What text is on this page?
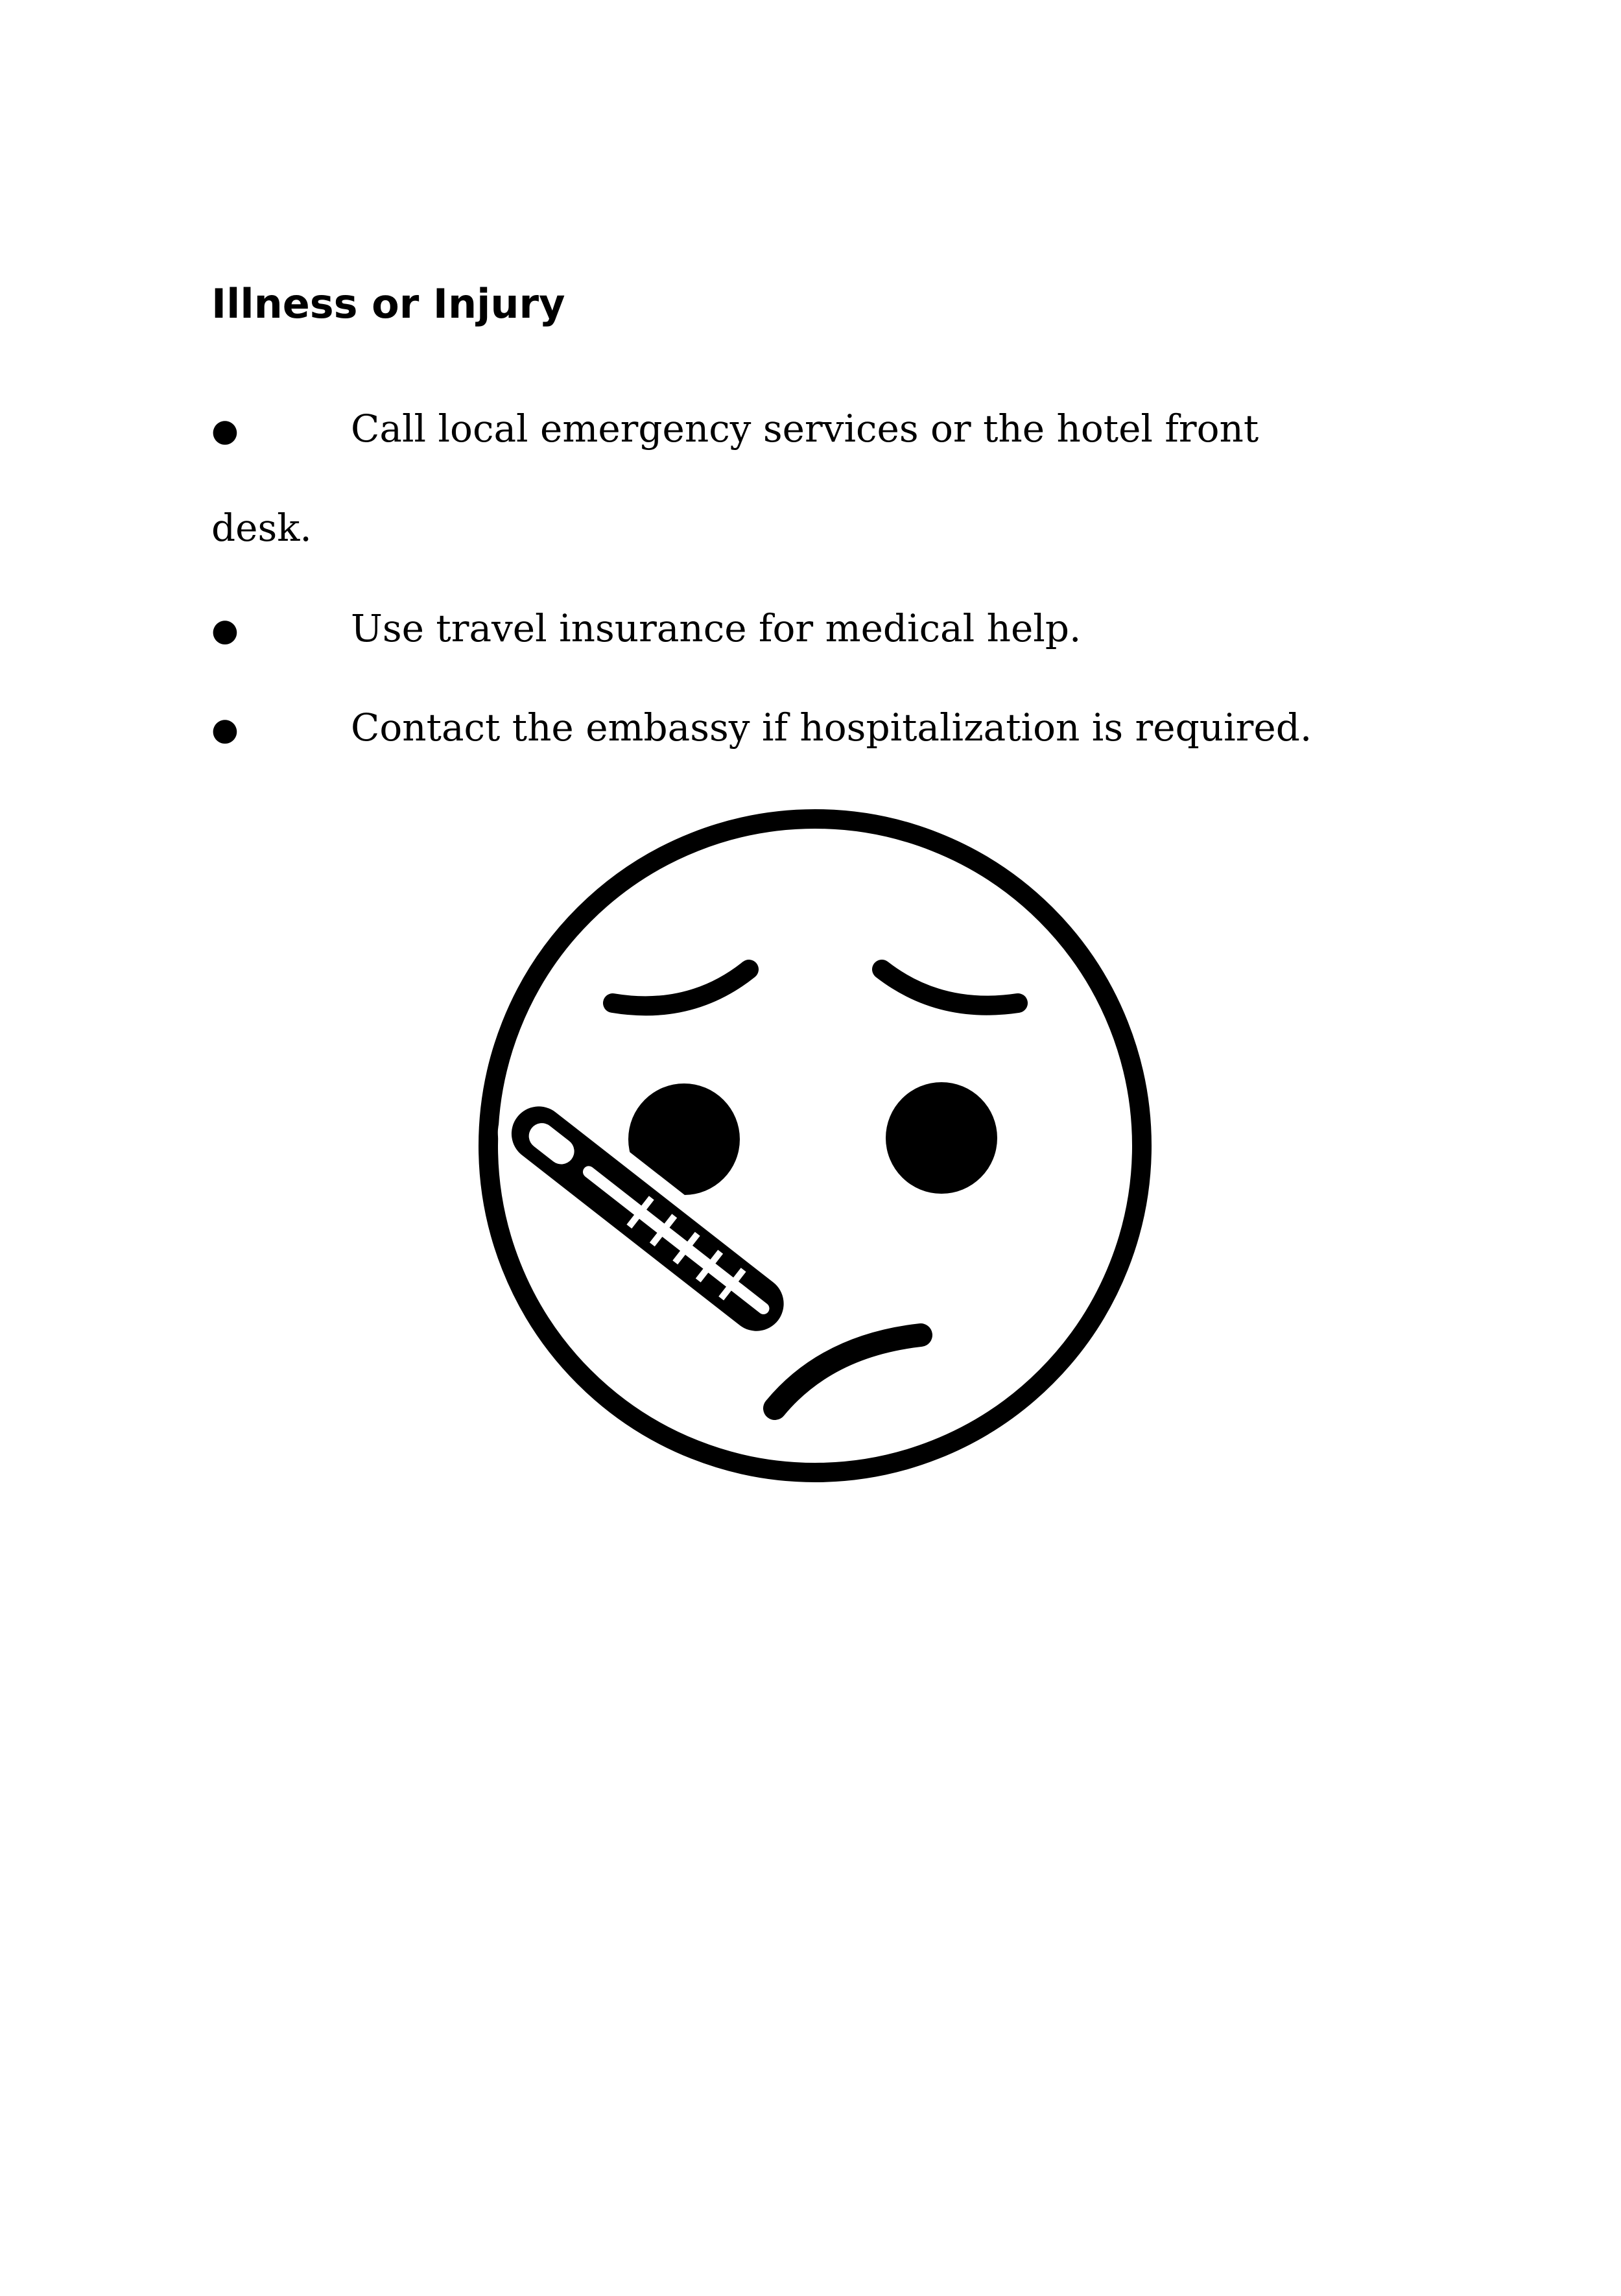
Illness or Injury
●	Call local emergency services or the hotel front
desk.
●	Use travel insurance for medical help.
●	Contact the embassy if hospitalization is required.
